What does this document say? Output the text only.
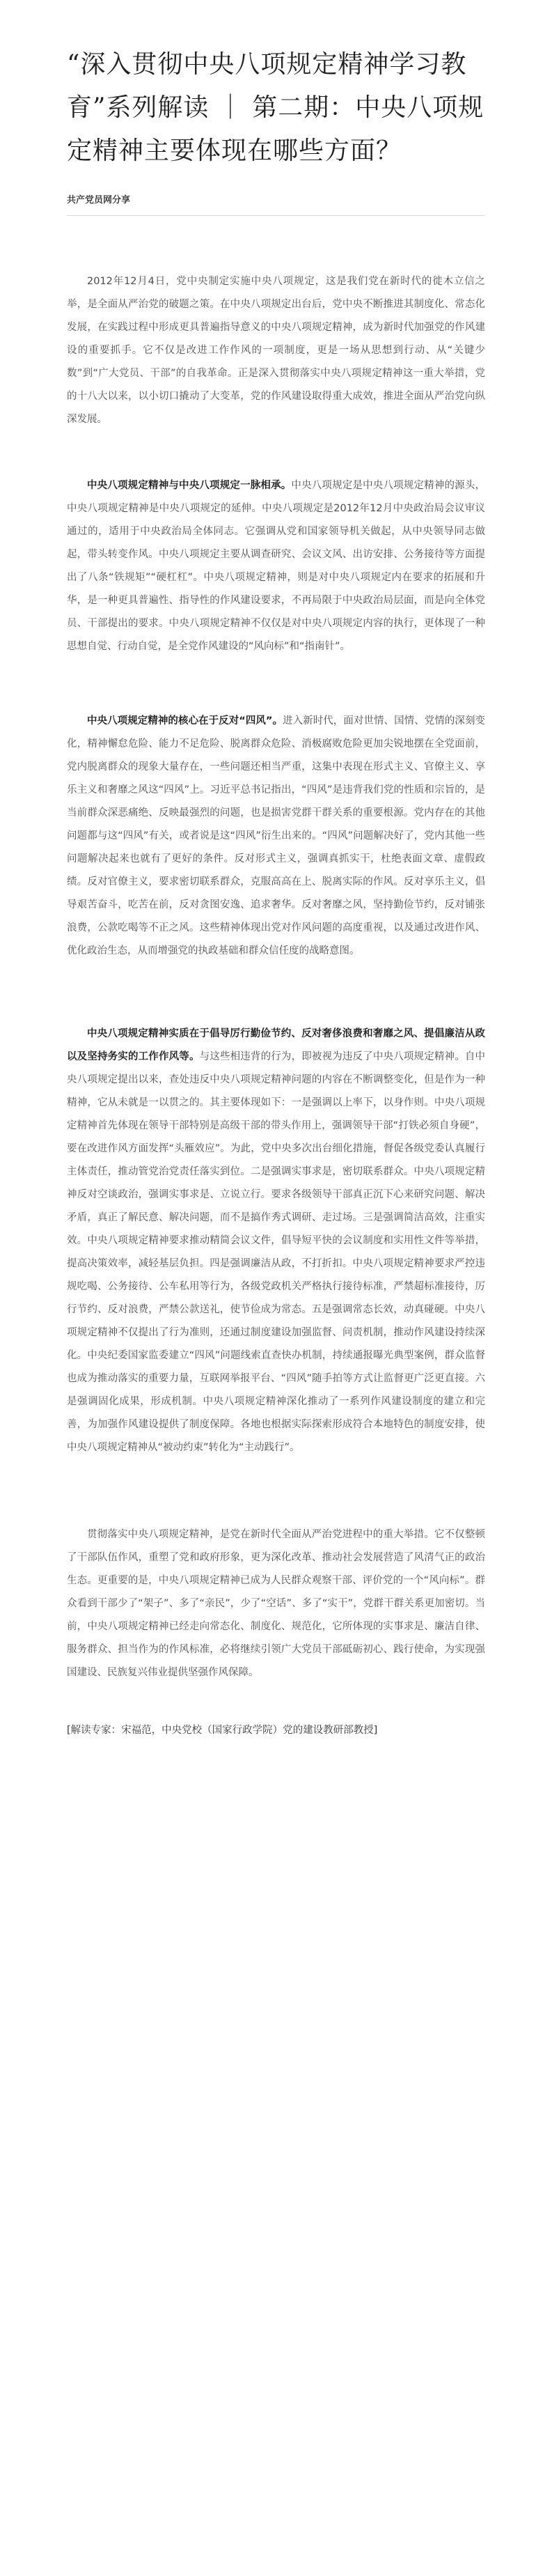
“深入贯彻中央八项规定精神学习教育”系列解读 ｜ 第二期：中央八项规定精神主要体现在哪些方面？
共产党员网分享

2012年12月4日，党中央制定实施中央八项规定，这是我们党在新时代的徙木立信之举，是全面从严治党的破题之策。在中央八项规定出台后，党中央不断推进其制度化、常态化发展，在实践过程中形成更具普遍指导意义的中央八项规定精神，成为新时代加强党的作风建设的重要抓手。它不仅是改进工作作风的一项制度，更是一场从思想到行动、从“关键少数”到“广大党员、干部”的自我革命。正是深入贯彻落实中央八项规定精神这一重大举措，党的十八大以来，以小切口撬动了大变革，党的作风建设取得重大成效，推进全面从严治党向纵深发展。

中央八项规定精神与中央八项规定一脉相承。中央八项规定是中央八项规定精神的源头，中央八项规定精神是中央八项规定的延伸。中央八项规定是2012年12月中央政治局会议审议通过的，适用于中央政治局全体同志。它强调从党和国家领导机关做起，从中央领导同志做起，带头转变作风。中央八项规定主要从调查研究、会议文风、出访安排、公务接待等方面提出了八条“铁规矩”“硬杠杠”。中央八项规定精神，则是对中央八项规定内在要求的拓展和升华，是一种更具普遍性、指导性的作风建设要求，不再局限于中央政治局层面，而是向全体党员、干部提出的要求。中央八项规定精神不仅仅是对中央八项规定内容的执行，更体现了一种思想自觉、行动自觉，是全党作风建设的“风向标”和“指南针”。

中央八项规定精神的核心在于反对“四风”。进入新时代，面对世情、国情、党情的深刻变化，精神懈怠危险、能力不足危险、脱离群众危险、消极腐败危险更加尖锐地摆在全党面前，党内脱离群众的现象大量存在，一些问题还相当严重，这集中表现在形式主义、官僚主义、享乐主义和奢靡之风这“四风”上。习近平总书记指出，“四风”是违背我们党的性质和宗旨的，是当前群众深恶痛绝、反映最强烈的问题，也是损害党群干群关系的重要根源。党内存在的其他问题都与这“四风”有关，或者说是这“四风”衍生出来的。“四风”问题解决好了，党内其他一些问题解决起来也就有了更好的条件。反对形式主义，强调真抓实干，杜绝表面文章、虚假政绩。反对官僚主义，要求密切联系群众，克服高高在上、脱离实际的作风。反对享乐主义，倡导艰苦奋斗，吃苦在前，反对贪图安逸、追求奢华。反对奢靡之风，坚持勤俭节约，反对铺张浪费，公款吃喝等不正之风。这些精神体现出党对作风问题的高度重视，以及通过改进作风、优化政治生态，从而增强党的执政基础和群众信任度的战略意图。

中央八项规定精神实质在于倡导厉行勤俭节约、反对奢侈浪费和奢靡之风、提倡廉洁从政以及坚持务实的工作作风等。与这些相违背的行为，即被视为违反了中央八项规定精神。自中央八项规定提出以来，查处违反中央八项规定精神问题的内容在不断调整变化，但是作为一种精神，它从未就是一以贯之的。其主要体现如下：一是强调以上率下，以身作则。中央八项规定精神首先体现在领导干部特别是高级干部的带头作用上，强调领导干部“打铁必须自身硬”，要在改进作风方面发挥“头雁效应”。为此，党中央多次出台细化措施，督促各级党委认真履行主体责任，推动管党治党责任落实到位。二是强调实事求是，密切联系群众。中央八项规定精神反对空谈政治，强调实事求是、立说立行。要求各级领导干部真正沉下心来研究问题、解决矛盾，真正了解民意、解决问题，而不是搞作秀式调研、走过场。三是强调简洁高效，注重实效。中央八项规定精神要求推动精简会议文件，倡导短平快的会议制度和实用性文件等举措，提高决策效率，减轻基层负担。四是强调廉洁从政，不打折扣。中央八项规定精神要求严控违规吃喝、公务接待、公车私用等行为，各级党政机关严格执行接待标准，严禁超标准接待，厉行节约、反对浪费，严禁公款送礼，使节俭成为常态。五是强调常态长效，动真碰硬。中央八项规定精神不仅提出了行为准则，还通过制度建设加强监督、问责机制，推动作风建设持续深化。中央纪委国家监委建立“四风”问题线索直查快办机制，持续通报曝光典型案例，群众监督也成为推动落实的重要力量，互联网举报平台、“四风”随手拍等方式让监督更广泛更直接。六是强调固化成果，形成机制。中央八项规定精神深化推动了一系列作风建设制度的建立和完善，为加强作风建设提供了制度保障。各地也根据实际探索形成符合本地特色的制度安排，使中央八项规定精神从“被动约束”转化为“主动践行”。

贯彻落实中央八项规定精神，是党在新时代全面从严治党进程中的重大举措。它不仅整顿了干部队伍作风，重塑了党和政府形象，更为深化改革、推动社会发展营造了风清气正的政治生态。更重要的是，中央八项规定精神已成为人民群众观察干部、评价党的一个“风向标”。群众看到干部少了“架子”、多了“亲民”，少了“空话”、多了“实干”，党群干群关系更加密切。当前，中央八项规定精神已经走向常态化、制度化、规范化，它所体现的实事求是、廉洁自律、服务群众、担当作为的作风标准，必将继续引领广大党员干部砥砺初心、践行使命，为实现强国建设、民族复兴伟业提供坚强作风保障。

[解读专家：宋福范，中央党校（国家行政学院）党的建设教研部教授]
